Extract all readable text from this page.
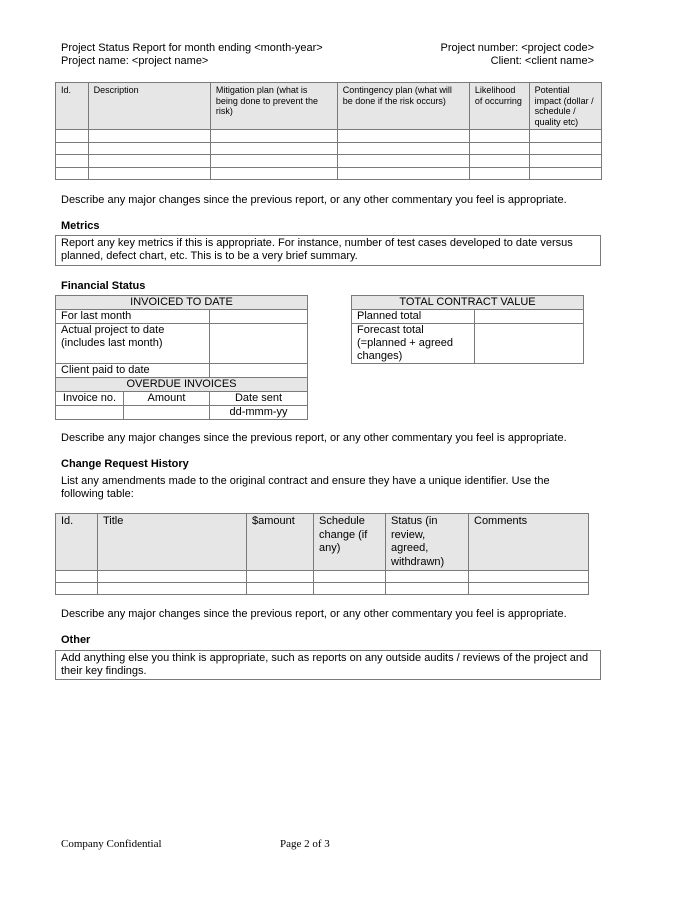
Project Status Report for month ending <month-year>
Project name: <project name>
Project number: <project code>
Client: <client name>
Id.	Description	Mitigation plan (what is being done to prevent the risk)	Contingency plan (what will be done if the risk occurs)	Likelihood of occurring	Potential impact (dollar / schedule / quality etc)

Describe any major changes since the previous report, or any other commentary you feel is appropriate.
Metrics
Report any key metrics if this is appropriate. For instance, number of test cases developed to date versus planned, defect chart, etc. This is to be a very brief summary.
Financial Status
INVOICED TO DATE		
For last month		
Actual project to date (includes last month)		
Client paid to date		
OVERDUE INVOICES		
Invoice no.	Amount	Date sent
		dd-mmm-yy
TOTAL CONTRACT VALUE	
Planned total	
Forecast total (=planned + agreed changes)	
Describe any major changes since the previous report, or any other commentary you feel is appropriate.
Change Request History
List any amendments made to the original contract and ensure they have a unique identifier. Use the following table:
Id.	Title	$amount	Schedule change (if any)	Status (in review, agreed, withdrawn)	Comments

Describe any major changes since the previous report, or any other commentary you feel is appropriate.
Other
Add anything else you think is appropriate, such as reports on any outside audits / reviews of the project and their key findings.
Company Confidential	Page 2 of 3
